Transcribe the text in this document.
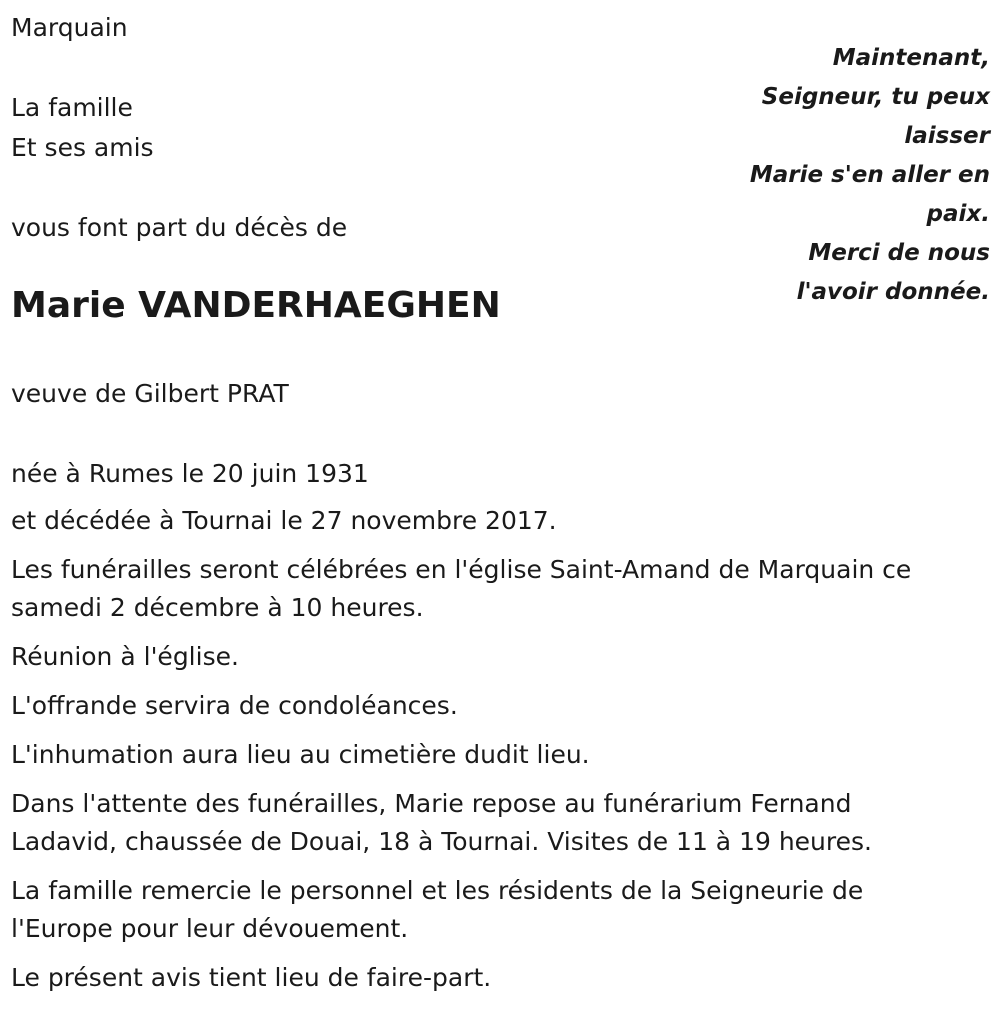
Marquain
La famille
Et ses amis
vous font part du décès de
Marie VANDERHAEGHEN
veuve de Gilbert PRAT
née à Rumes le 20 juin 1931
Maintenant,
Seigneur, tu peux
laisser
Marie s'en aller en
paix.
Merci de nous
l'avoir donnée.
et décédée à Tournai le 27 novembre 2017.
Les funérailles seront célébrées en l'église Saint-Amand de Marquain ce
samedi 2 décembre à 10 heures.
Réunion à l'église.
L'offrande servira de condoléances.
L'inhumation aura lieu au cimetière dudit lieu.
Dans l'attente des funérailles, Marie repose au funérarium Fernand
Ladavid, chaussée de Douai, 18 à Tournai. Visites de 11 à 19 heures.
La famille remercie le personnel et les résidents de la Seigneurie de
l'Europe pour leur dévouement.
Le présent avis tient lieu de faire-part.
